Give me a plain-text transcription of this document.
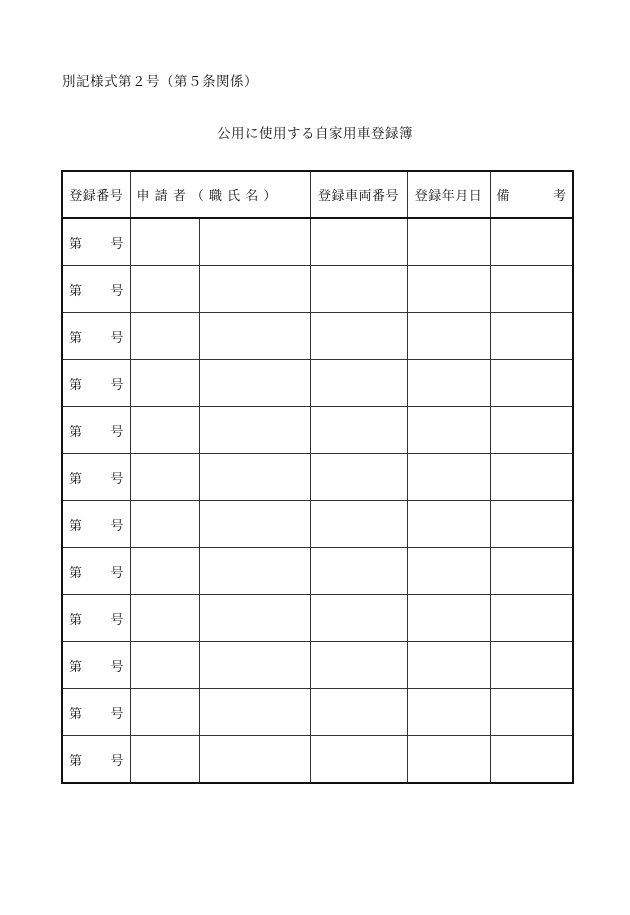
別記様式第２号（第５条関係）
公用に使用する自家用車登録簿
登録番号	申 請 者 （ 職 氏 名 ）		登録車両番号	登録年月日	備 考

第 号					

第 号					

第 号					

第 号					

第 号					

第 号					

第 号					

第 号					

第 号					

第 号					

第 号					

第 号					
